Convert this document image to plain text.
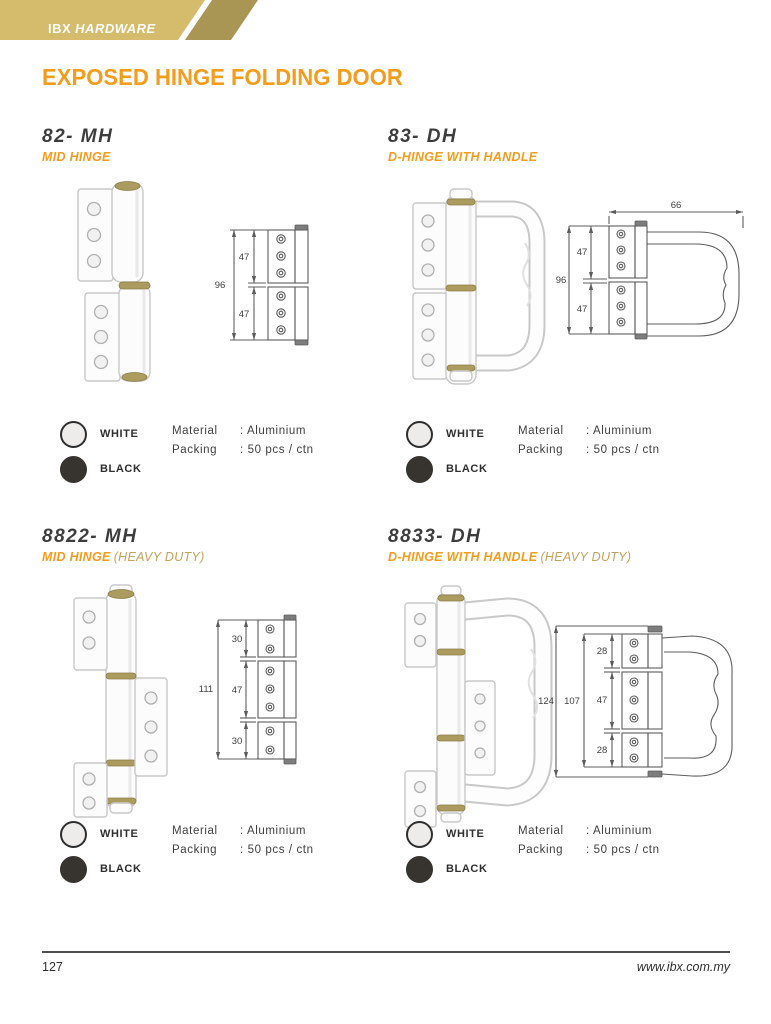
IBX HARDWARE
EXPOSED HINGE FOLDING DOOR
82- MH
MID HINGE
96
47
47
WHITE
BLACK
Material	: Aluminium
Packing	: 50 pcs / ctn
83- DH
D-HINGE WITH HANDLE
66
96
47
47
WHITE
BLACK
Material	: Aluminium
Packing	: 50 pcs / ctn
8822- MH
MID HINGE (HEAVY DUTY)
111
30
47
30
WHITE
BLACK
Material	: Aluminium
Packing	: 50 pcs / ctn
8833- DH
D-HINGE WITH HANDLE (HEAVY DUTY)
124 107
28
47
28
WHITE
BLACK
Material	: Aluminium
Packing	: 50 pcs / ctn
127	www.ibx.com.my
